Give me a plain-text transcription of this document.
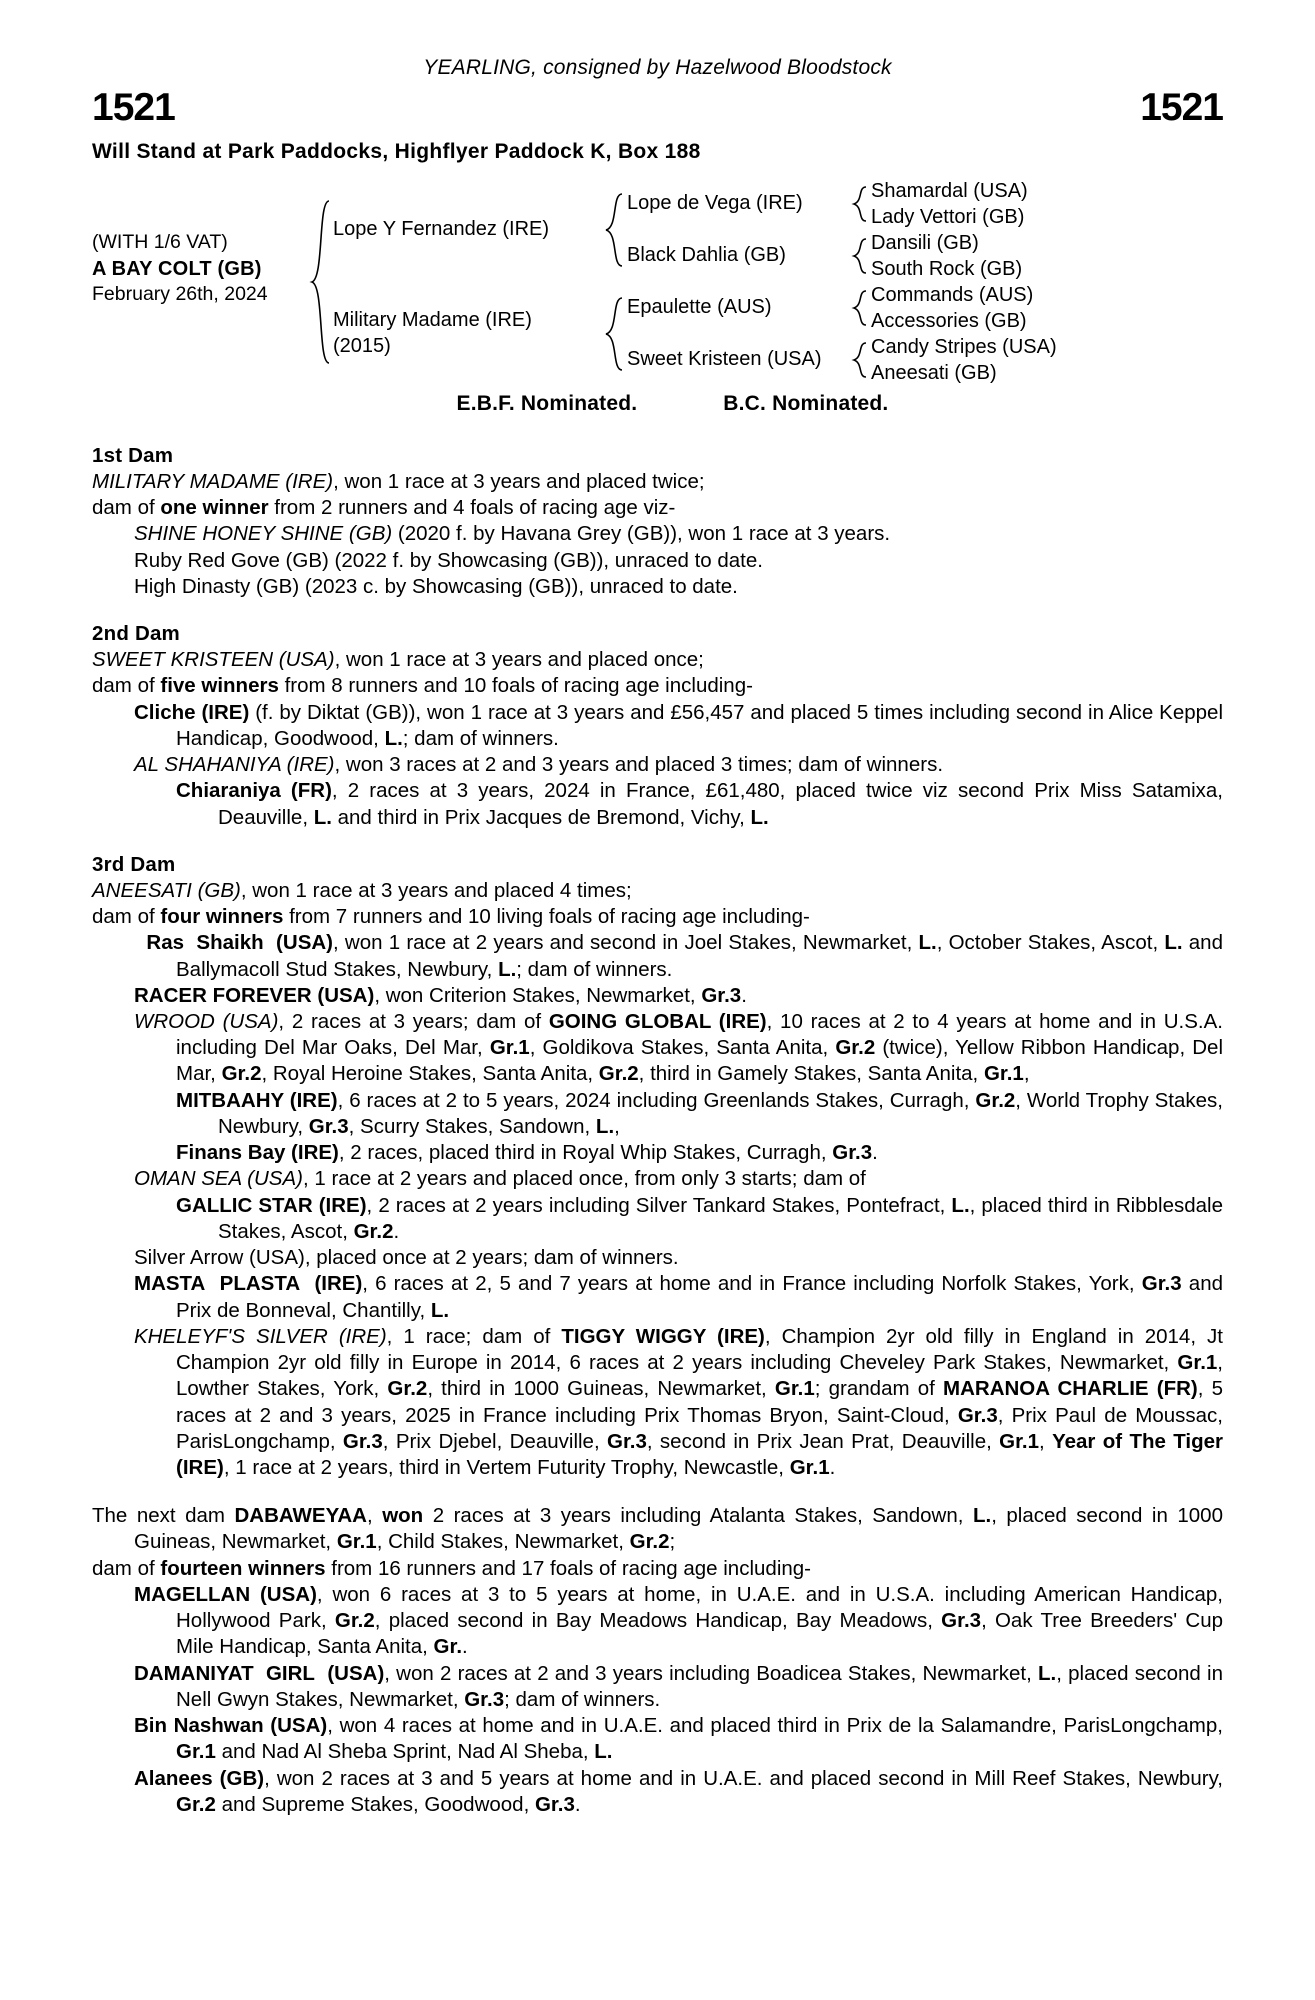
YEARLING, consigned by Hazelwood Bloodstock
1521	1521
Will Stand at Park Paddocks, Highflyer Paddock K, Box 188
(WITH 1/6 VAT)
A BAY COLT (GB)
February 26th, 2024
Lope Y Fernandez (IRE)
Military Madame (IRE)
(2015)
Lope de Vega (IRE)
Black Dahlia (GB)
Epaulette (AUS)
Sweet Kristeen (USA)
Shamardal (USA)
Lady Vettori (GB)
Dansili (GB)
South Rock (GB)
Commands (AUS)
Accessories (GB)
Candy Stripes (USA)
Aneesati (GB)
E.B.F. Nominated.	B.C. Nominated.
1st Dam

MILITARY MADAME (IRE), won 1 race at 3 years and placed twice;

dam of one winner from 2 runners and 4 foals of racing age viz-

SHINE HONEY SHINE (GB) (2020 f. by Havana Grey (GB)), won 1 race at 3 years.

Ruby Red Gove (GB) (2022 f. by Showcasing (GB)), unraced to date.

High Dinasty (GB) (2023 c. by Showcasing (GB)), unraced to date.

2nd Dam

SWEET KRISTEEN (USA), won 1 race at 3 years and placed once;

dam of five winners from 8 runners and 10 foals of racing age including-

Cliche (IRE) (f. by Diktat (GB)), won 1 race at 3 years and £56,457 and placed 5 times including second in Alice Keppel Handicap, Goodwood, L.; dam of winners.

AL SHAHANIYA (IRE), won 3 races at 2 and 3 years and placed 3 times; dam of winners.

Chiaraniya (FR), 2 races at 3 years, 2024 in France, £61,480, placed twice viz second Prix Miss Satamixa, Deauville, L. and third in Prix Jacques de Bremond, Vichy, L.

3rd Dam

ANEESATI (GB), won 1 race at 3 years and placed 4 times;

dam of four winners from 7 runners and 10 living foals of racing age including-

Ras  Shaikh  (USA), won 1 race at 2 years and second in Joel Stakes, Newmarket, L., October Stakes, Ascot, L. and Ballymacoll Stud Stakes, Newbury, L.; dam of winners.

RACER FOREVER (USA), won Criterion Stakes, Newmarket, Gr.3.

WROOD (USA), 2 races at 3 years; dam of GOING GLOBAL (IRE), 10 races at 2 to 4 years at home and in U.S.A. including Del Mar Oaks, Del Mar, Gr.1, Goldikova Stakes, Santa Anita, Gr.2 (twice), Yellow Ribbon Handicap, Del Mar, Gr.2, Royal Heroine Stakes, Santa Anita, Gr.2, third in Gamely Stakes, Santa Anita, Gr.1,

MITBAAHY (IRE), 6 races at 2 to 5 years, 2024 including Greenlands Stakes, Curragh, Gr.2, World Trophy Stakes, Newbury, Gr.3, Scurry Stakes, Sandown, L.,

Finans Bay (IRE), 2 races, placed third in Royal Whip Stakes, Curragh, Gr.3.

OMAN SEA (USA), 1 race at 2 years and placed once, from only 3 starts; dam of

GALLIC STAR (IRE), 2 races at 2 years including Silver Tankard Stakes, Pontefract, L., placed third in Ribblesdale Stakes, Ascot, Gr.2.

Silver Arrow (USA), placed once at 2 years; dam of winners.

MASTA  PLASTA  (IRE), 6 races at 2, 5 and 7 years at home and in France including Norfolk Stakes, York, Gr.3 and Prix de Bonneval, Chantilly, L.

KHELEYF'S SILVER (IRE), 1 race; dam of TIGGY WIGGY (IRE), Champion 2yr old filly in England in 2014, Jt Champion 2yr old filly in Europe in 2014, 6 races at 2 years including Cheveley Park Stakes, Newmarket, Gr.1, Lowther Stakes, York, Gr.2, third in 1000 Guineas, Newmarket, Gr.1; grandam of MARANOA CHARLIE (FR), 5 races at 2 and 3 years, 2025 in France including Prix Thomas Bryon, Saint-Cloud, Gr.3, Prix Paul de Moussac, ParisLongchamp, Gr.3, Prix Djebel, Deauville, Gr.3, second in Prix Jean Prat, Deauville, Gr.1, Year of The Tiger (IRE), 1 race at 2 years, third in Vertem Futurity Trophy, Newcastle, Gr.1.

The next dam DABAWEYAA, won 2 races at 3 years including Atalanta Stakes, Sandown, L., placed second in 1000 Guineas, Newmarket, Gr.1, Child Stakes, Newmarket, Gr.2;

dam of fourteen winners from 16 runners and 17 foals of racing age including-

MAGELLAN (USA), won 6 races at 3 to 5 years at home, in U.A.E. and in U.S.A. including American Handicap, Hollywood Park, Gr.2, placed second in Bay Meadows Handicap, Bay Meadows, Gr.3, Oak Tree Breeders' Cup Mile Handicap, Santa Anita, Gr..

DAMANIYAT  GIRL  (USA), won 2 races at 2 and 3 years including Boadicea Stakes, Newmarket, L., placed second in Nell Gwyn Stakes, Newmarket, Gr.3; dam of winners.

Bin Nashwan (USA), won 4 races at home and in U.A.E. and placed third in Prix de la Salamandre, ParisLongchamp, Gr.1 and Nad Al Sheba Sprint, Nad Al Sheba, L.

Alanees (GB), won 2 races at 3 and 5 years at home and in U.A.E. and placed second in Mill Reef Stakes, Newbury, Gr.2 and Supreme Stakes, Goodwood, Gr.3.
